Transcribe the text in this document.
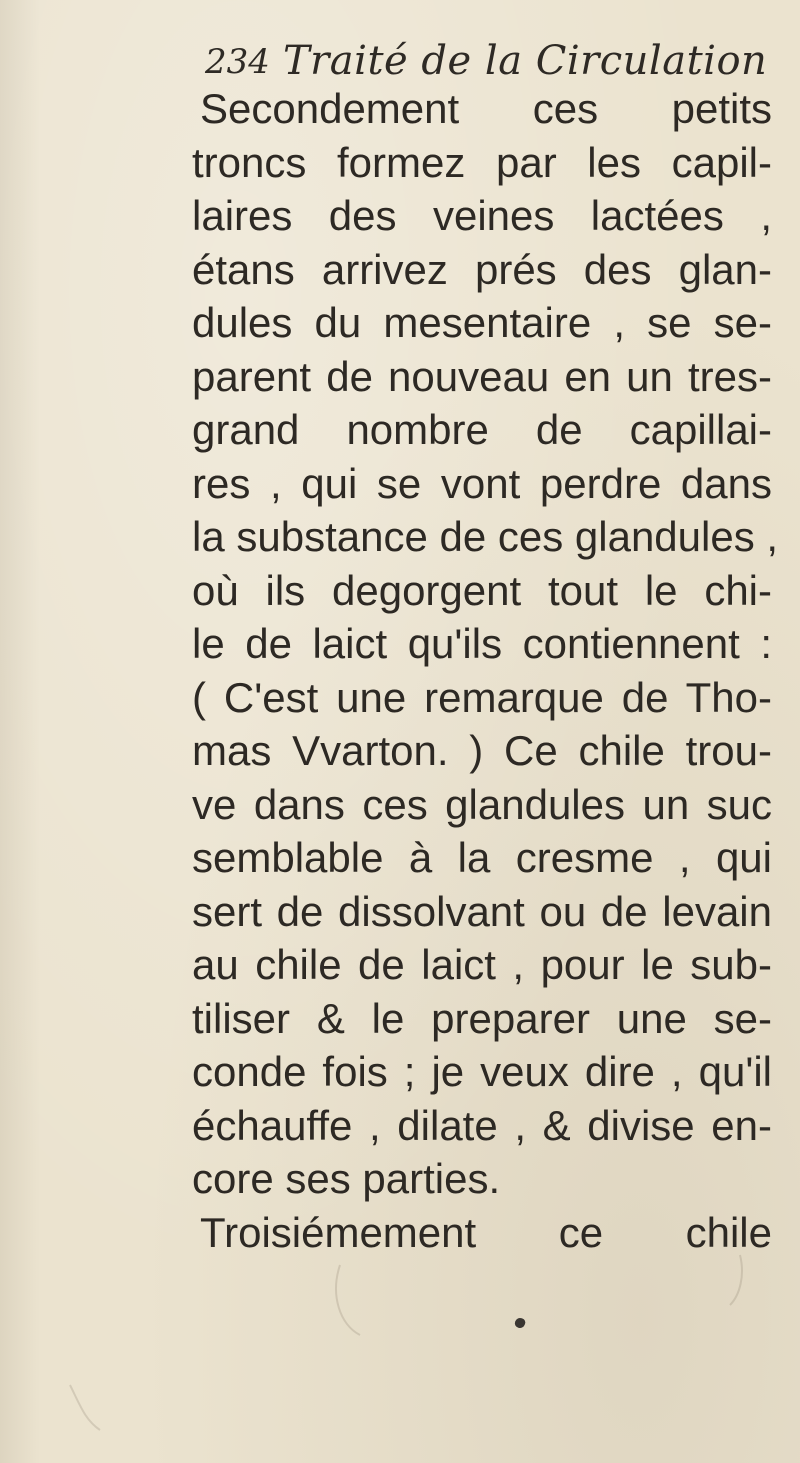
234 Traité de la Circulation
Secondement ces petits
troncs formez par les capil-
laires des veines lactées ,
étans arrivez prés des glan-
dules du mesentaire , se se-
parent de nouveau en un tres-
grand nombre de capillai-
res , qui se vont perdre dans
la substance de ces glandules ,
où ils degorgent tout le chi-
le de laict qu'ils contiennent :
( C'est une remarque de Tho-
mas Vvarton. ) Ce chile trou-
ve dans ces glandules un suc
semblable à la cresme , qui
sert de dissolvant ou de levain
au chile de laict , pour le sub-
tiliser & le preparer une se-
conde fois ; je veux dire , qu'il
échauffe , dilate , & divise en-
core ses parties.
Troisiémement ce chile
